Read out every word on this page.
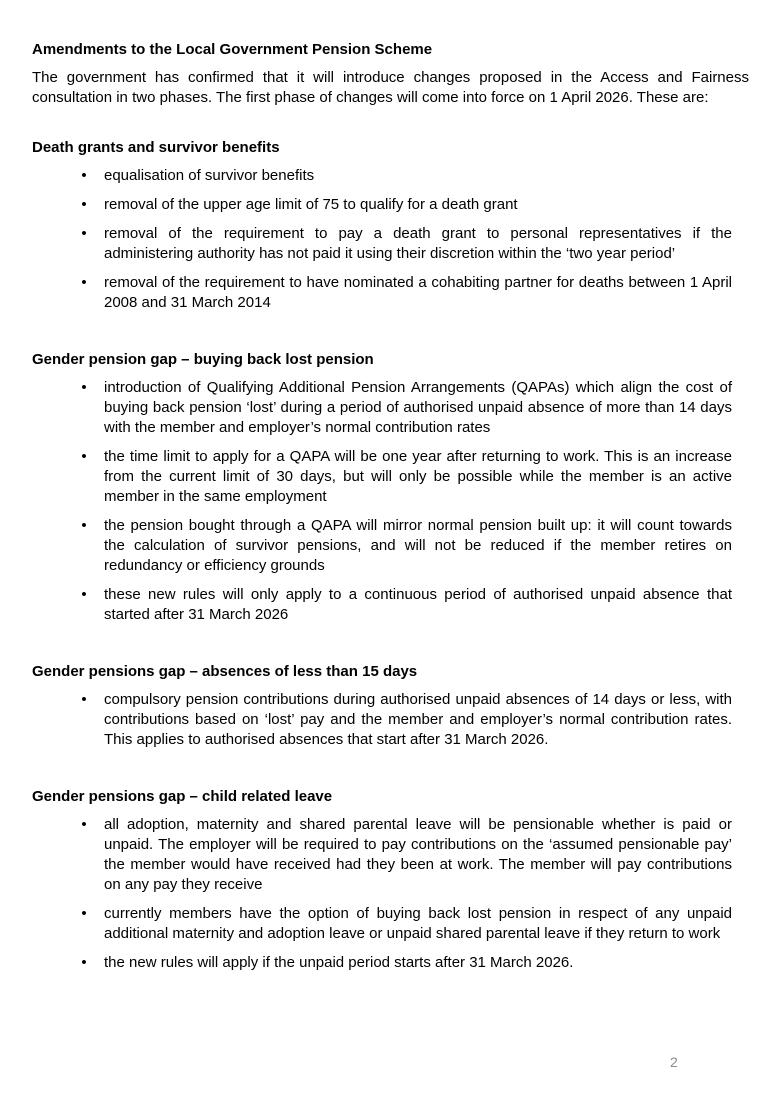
Amendments to the Local Government Pension Scheme

The government has confirmed that it will introduce changes proposed in the Access and Fairness consultation in two phases. The first phase of changes will come into force on 1 April 2026. These are:

Death grants and survivor benefits
• equalisation of survivor benefits
• removal of the upper age limit of 75 to qualify for a death grant
• removal of the requirement to pay a death grant to personal representatives if the administering authority has not paid it using their discretion within the ‘two year period’
• removal of the requirement to have nominated a cohabiting partner for deaths between 1 April 2008 and 31 March 2014
Gender pension gap – buying back lost pension
• introduction of Qualifying Additional Pension Arrangements (QAPAs) which align the cost of buying back pension ‘lost’ during a period of authorised unpaid absence of more than 14 days with the member and employer’s normal contribution rates
• the time limit to apply for a QAPA will be one year after returning to work. This is an increase from the current limit of 30 days, but will only be possible while the member is an active member in the same employment
• the pension bought through a QAPA will mirror normal pension built up: it will count towards the calculation of survivor pensions, and will not be reduced if the member retires on redundancy or efficiency grounds
• these new rules will only apply to a continuous period of authorised unpaid absence that started after 31 March 2026
Gender pensions gap – absences of less than 15 days
• compulsory pension contributions during authorised unpaid absences of 14 days or less, with contributions based on ‘lost’ pay and the member and employer’s normal contribution rates. This applies to authorised absences that start after 31 March 2026.
Gender pensions gap – child related leave
• all adoption, maternity and shared parental leave will be pensionable whether is paid or unpaid. The employer will be required to pay contributions on the ‘assumed pensionable pay’ the member would have received had they been at work. The member will pay contributions on any pay they receive
• currently members have the option of buying back lost pension in respect of any unpaid additional maternity and adoption leave or unpaid shared parental leave if they return to work
• the new rules will apply if the unpaid period starts after 31 March 2026.
2
